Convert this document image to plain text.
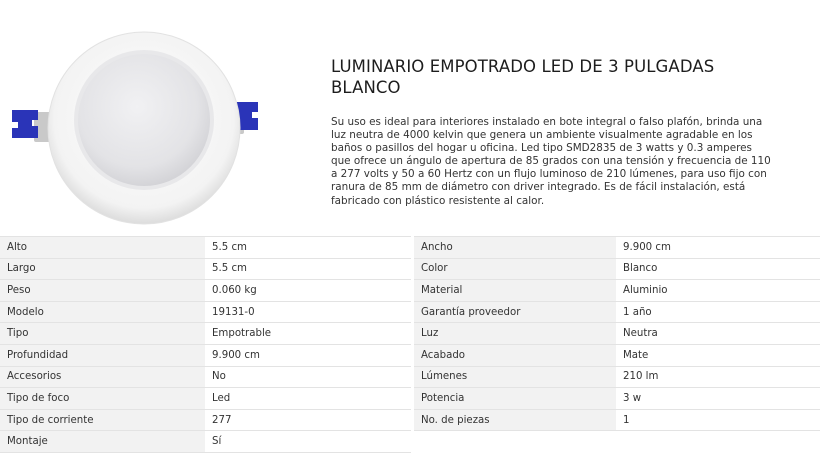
LUMINARIO EMPOTRADO LED DE 3 PULGADAS BLANCO

Su uso es ideal para interiores instalado en bote integral o falso plafón, brinda una luz neutra de 4000 kelvin que genera un ambiente visualmente agradable en los baños o pasillos del hogar u oficina. Led tipo SMD2835 de 3 watts y 0.3 amperes que ofrece un ángulo de apertura de 85 grados con una tensión y frecuencia de 110 a 277 volts y 50 a 60 Hertz con un flujo luminoso de 210 lúmenes, para uso fijo con ranura de 85 mm de diámetro con driver integrado. Es de fácil instalación, está fabricado con plástico resistente al calor.

Alto	5.5 cm
Largo	5.5 cm
Peso	0.060 kg
Modelo	19131-0
Tipo	Empotrable
Profundidad	9.900 cm
Accesorios	No
Tipo de foco	Led
Tipo de corriente	277
Montaje	Sí
Ancho	9.900 cm
Color	Blanco
Material	Aluminio
Garantía proveedor	1 año
Luz	Neutra
Acabado	Mate
Lúmenes	210 lm
Potencia	3 w
No. de piezas	1
